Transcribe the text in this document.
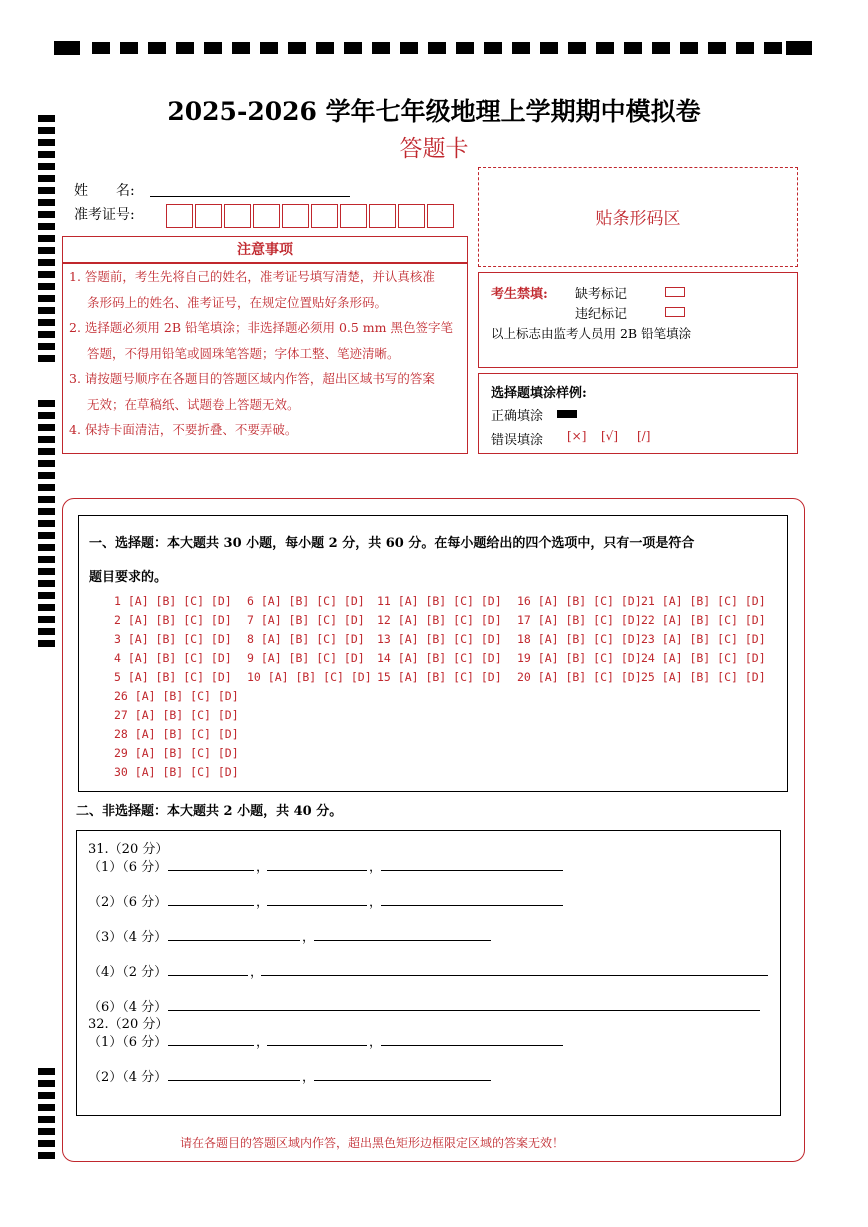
2025-2026 学年七年级地理上学期期中模拟卷
答题卡
姓　　名:
准考证号:	贴条形码区
注意事项
1. 答题前，考生先将自己的姓名，准考证号填写清楚，并认真核准
条形码上的姓名、准考证号，在规定位置贴好条形码。
2. 选择题必须用 2B 铅笔填涂；非选择题必须用 0.5 mm 黑色签字笔
答题，不得用铅笔或圆珠笔答题；字体工整、笔迹清晰。
3. 请按题号顺序在各题目的答题区域内作答，超出区域书写的答案
无效；在草稿纸、试题卷上答题无效。
4. 保持卡面清洁，不要折叠、不要弄破。
考生禁填: 缺考标记
违纪标记
以上标志由监考人员用 2B 铅笔填涂
选择题填涂样例:
正确填涂
错误填涂 [×] [√] [/]
一、选择题：本大题共 30 小题，每小题 2 分，共 60 分。在每小题给出的四个选项中，只有一项是符合
题目要求的。
1 [A] [B] [C] [D]
2 [A] [B] [C] [D]
3 [A] [B] [C] [D]
4 [A] [B] [C] [D]
5 [A] [B] [C] [D]
6 [A] [B] [C] [D]
7 [A] [B] [C] [D]
8 [A] [B] [C] [D]
9 [A] [B] [C] [D]
10 [A] [B] [C] [D]
11 [A] [B] [C] [D]
12 [A] [B] [C] [D]
13 [A] [B] [C] [D]
14 [A] [B] [C] [D]
15 [A] [B] [C] [D]
16 [A] [B] [C] [D]
17 [A] [B] [C] [D]
18 [A] [B] [C] [D]
19 [A] [B] [C] [D]
20 [A] [B] [C] [D]
21 [A] [B] [C] [D]
22 [A] [B] [C] [D]
23 [A] [B] [C] [D]
24 [A] [B] [C] [D]
25 [A] [B] [C] [D]
26 [A] [B] [C] [D]
27 [A] [B] [C] [D]
28 [A] [B] [C] [D]
29 [A] [B] [C] [D]
30 [A] [B] [C] [D]
二、非选择题：本大题共 2 小题，共 40 分。
31.（20 分）
（1）（6 分）	，	，
（2）（6 分）	，	，
（3）（4 分）	，
（4）（2 分）	，
（6）（4 分）
32.（20 分）
（1）（6 分）	，	，
（2）（4 分）	，
请在各题目的答题区域内作答，超出黑色矩形边框限定区域的答案无效！
